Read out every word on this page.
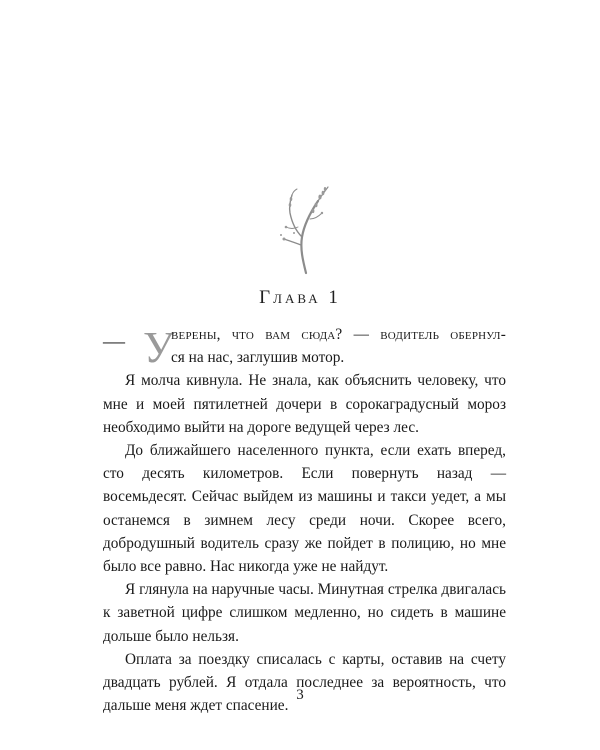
Глава 1
— У
верены, что вам сюда? — водитель обернул-
ся на нас, заглушив мотор.

Я молча кивнула. Не знала, как объяснить человеку, что мне и моей пятилетней дочери в сорокаградусный мороз необходимо выйти на дороге ведущей через лес.

До ближайшего населенного пункта, если ехать вперед, сто десять километров. Если повернуть назад — восемьдесят. Сейчас выйдем из машины и такси уедет, а мы останемся в зимнем лесу среди ночи. Скорее всего, добродушный водитель сразу же пойдет в полицию, но мне было все равно. Нас никогда уже не найдут.

Я глянула на наручные часы. Минутная стрелка двигалась к заветной цифре слишком медленно, но сидеть в машине дольше было нельзя.

Оплата за поездку списалась с карты, оставив на счету двадцать рублей. Я отдала последнее за вероятность, что дальше меня ждет спасение.

3
